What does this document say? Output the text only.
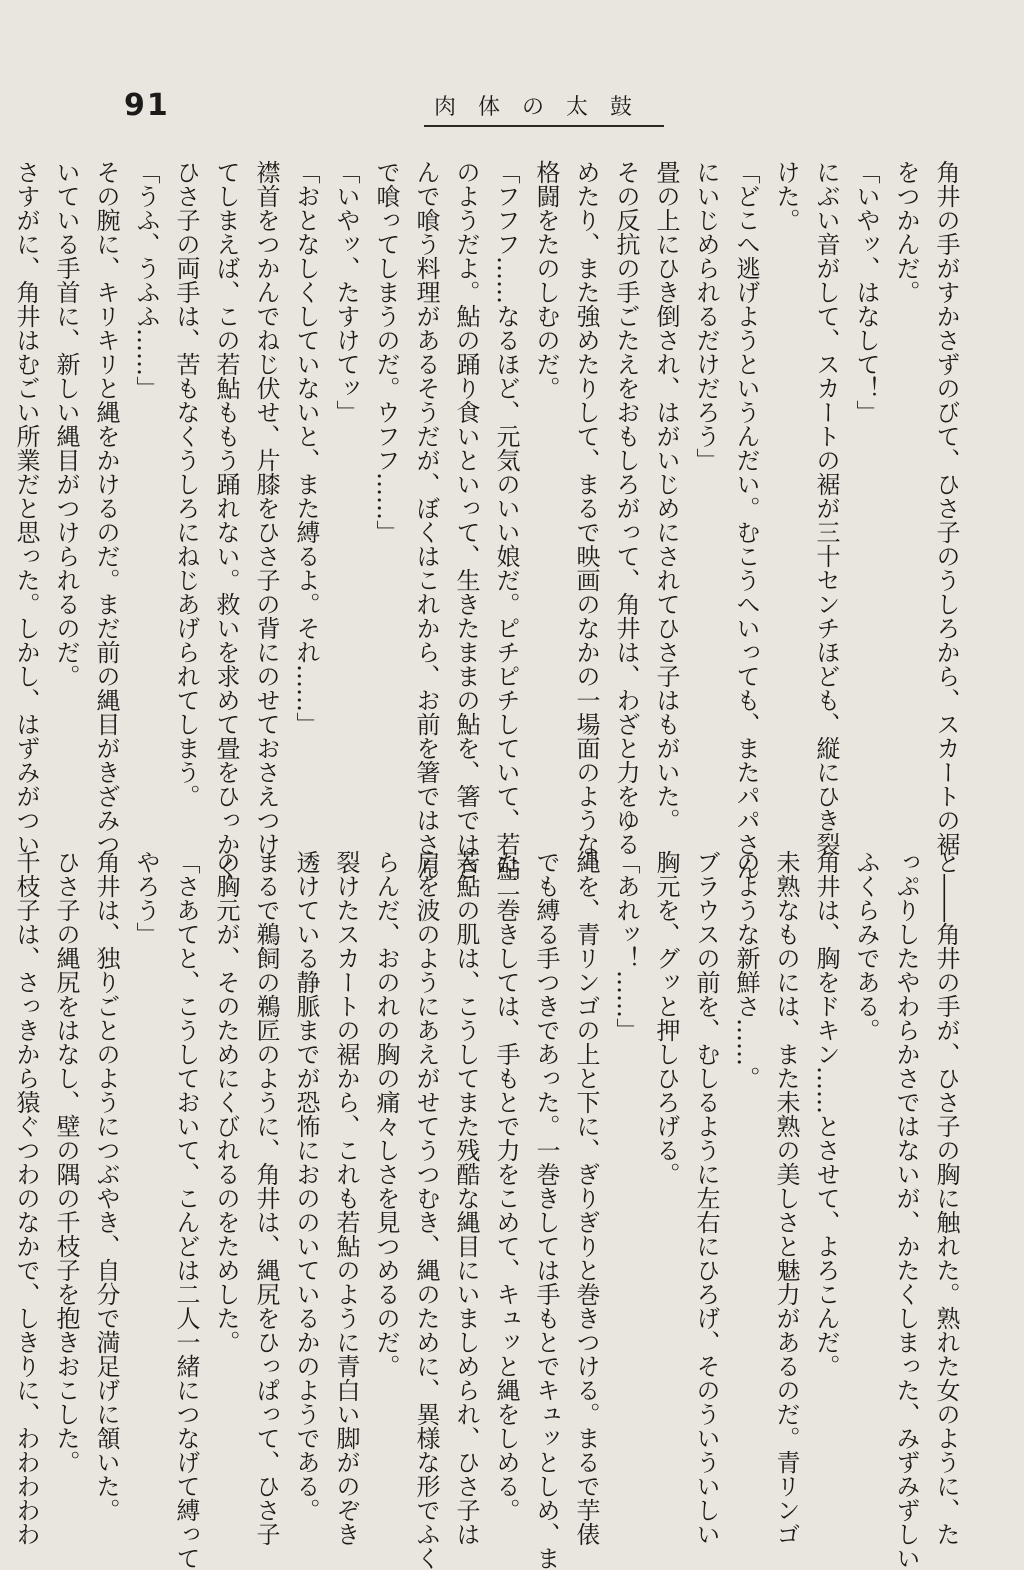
91	肉体の太鼓

角井の手がすかさずのびて、ひさ子のうしろから、スカートの裾

をつかんだ。

「いやッ、はなして！」

にぶい音がして、スカートの裾が三十センチほども、縦にひき裂

けた。

「どこへ逃げようというんだい。むこうへいっても、またパパさん

にいじめられるだけだろう」

畳の上にひき倒され、はがいじめにされてひさ子はもがいた。

その反抗の手ごたえをおもしろがって、角井は、わざと力をゆる

めたり、また強めたりして、まるで映画のなかの一場面のような、

格闘をたのしむのだ。

「フフフ……なるほど、元気のいい娘だ。ピチピチしていて、若鮎

のようだよ。鮎の踊り食いといって、生きたままの鮎を、箸ではさ

んで喰う料理があるそうだが、ぼくはこれから、お前を箸ではさん

で喰ってしまうのだ。ウフフ……」

「いやッ、たすけてッ」

「おとなしくしていないと、また縛るよ。それ……」

襟首をつかんでねじ伏せ、片膝をひさ子の背にのせておさえつけ

てしまえば、この若鮎ももう踊れない。救いを求めて畳をひっかく

ひさ子の両手は、苦もなくうしろにねじあげられてしまう。

「うふ、うふふ……」

その腕に、キリキリと縄をかけるのだ。まだ前の縄目がきざみつ

いている手首に、新しい縄目がつけられるのだ。

さすがに、角井はむごい所業だと思った。しかし、はずみがつい

と――角井の手が、ひさ子の胸に触れた。熟れた女のように、た

っぷりしたやわらかさではないが、かたくしまった、みずみずしい

ふくらみである。

角井は、胸をドキン……とさせて、よろこんだ。

未熟なものには、また未熟の美しさと魅力があるのだ。青リンゴ

のような新鮮さ……。

ブラウスの前を、むしるように左右にひろげ、そのういういしい

胸元を、グッと押しひろげる。

「あれッ！……」

縄を、青リンゴの上と下に、ぎりぎりと巻きつける。まるで芋俵

でも縛る手つきであった。一巻きしては手もとでキュッとしめ、ま

た二巻きしては、手もとで力をこめて、キュッと縄をしめる。

若鮎の肌は、こうしてまた残酷な縄目にいましめられ、ひさ子は

肩を波のようにあえがせてうつむき、縄のために、異様な形でふく

らんだ、おのれの胸の痛々しさを見つめるのだ。

裂けたスカートの裾から、これも若鮎のように青白い脚がのぞき

透けている静脈までが恐怖におののいているかのようである。

まるで鵜飼の鵜匠のように、角井は、縄尻をひっぱって、ひさ子

の胸元が、そのためにくびれるのをためした。

「さあてと、こうしておいて、こんどは二人一緒につなげて縛って

やろう」

角井は、独りごとのようにつぶやき、自分で満足げに頷いた。

ひさ子の縄尻をはなし、壁の隅の千枝子を抱きおこした。

千枝子は、さっきから猿ぐつわのなかで、しきりに、わわわわわ
